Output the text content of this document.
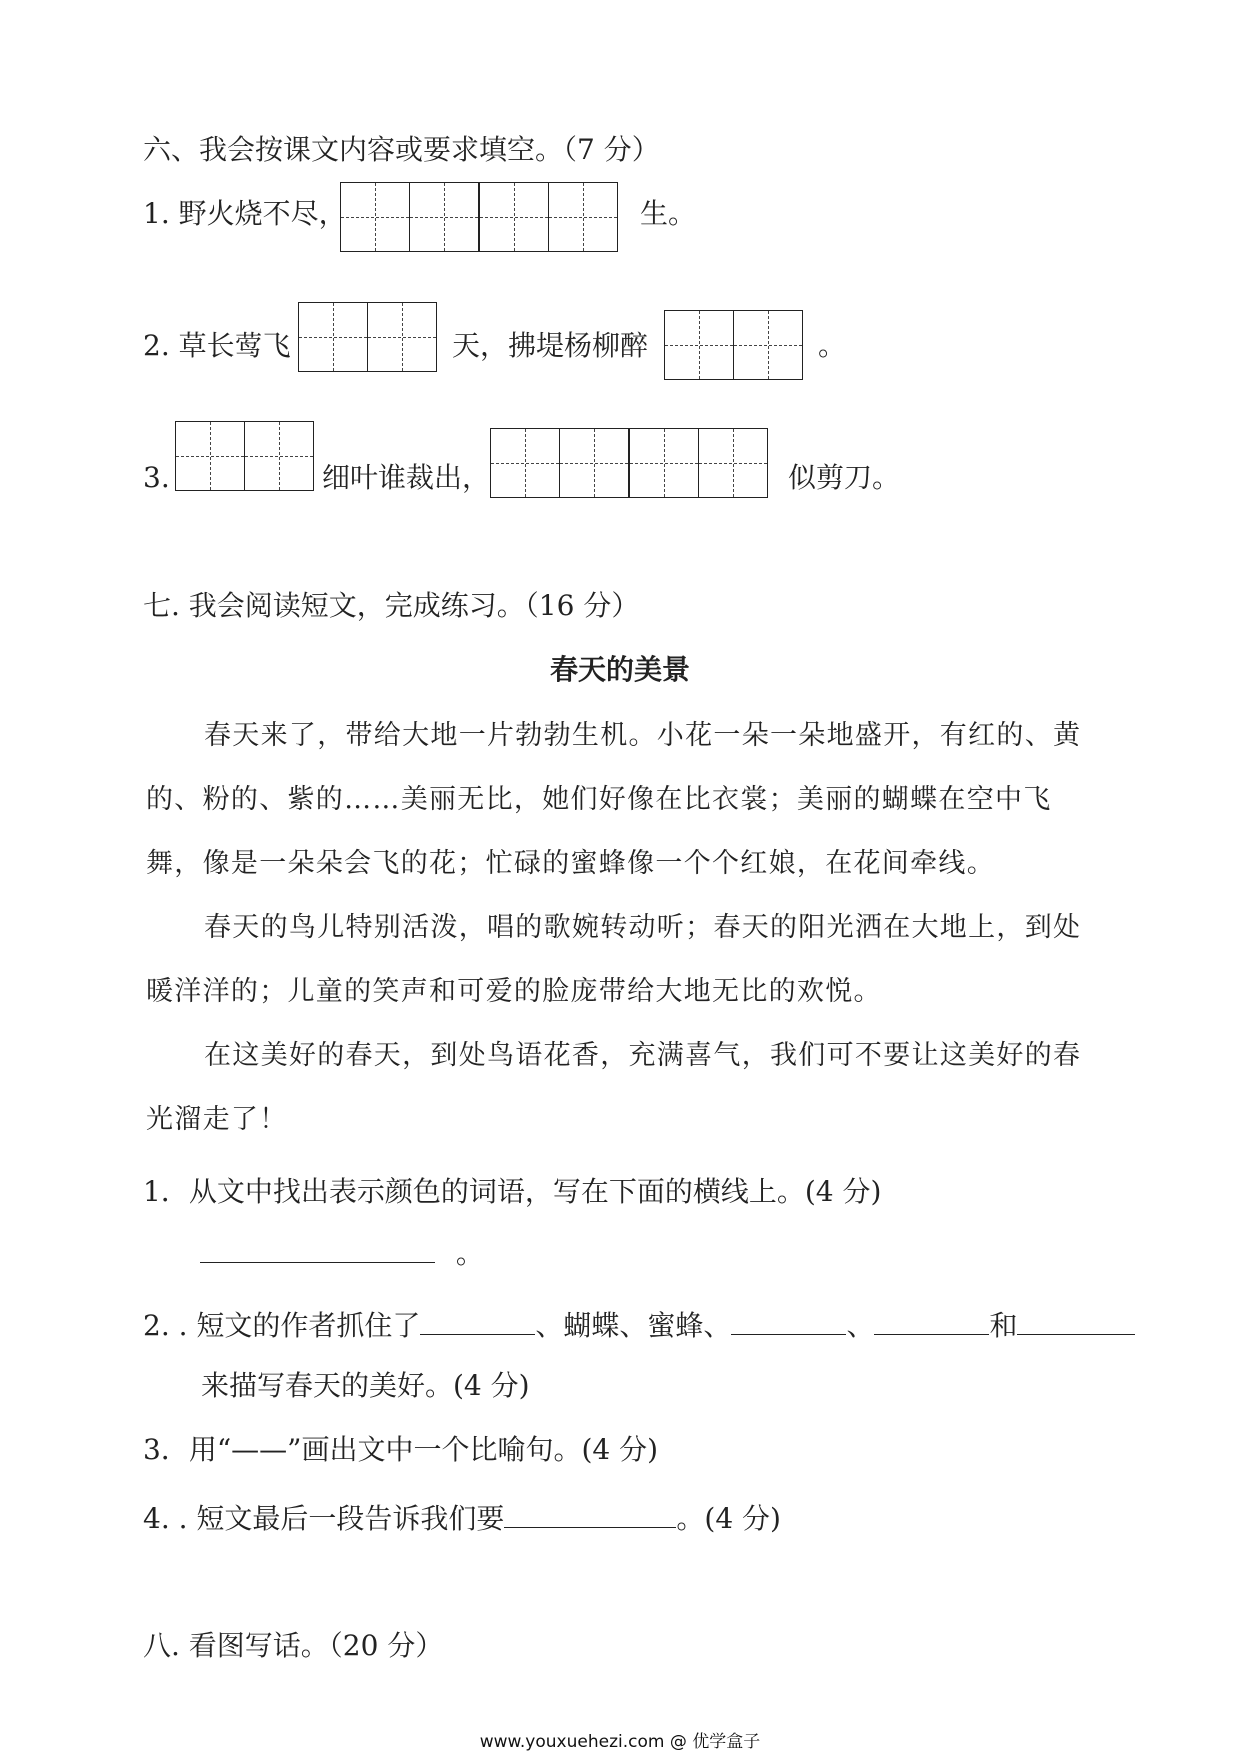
六、我会按课文内容或要求填空。（7 分）
1. 野火烧不尽，	生。
2. 草长莺飞	天，拂堤杨柳醉	。
3.	细叶谁裁出，	似剪刀。
七. 我会阅读短文，完成练习。（16 分）
春天的美景
春天来了，带给大地一片勃勃生机。小花一朵一朵地盛开，有红的、黄的、粉的、紫的……美丽无比，她们好像在比衣裳；美丽的蝴蝶在空中飞舞，像是一朵朵会飞的花；忙碌的蜜蜂像一个个红娘，在花间牵线。
春天的鸟儿特别活泼，唱的歌婉转动听；春天的阳光洒在大地上，到处暖洋洋的；儿童的笑声和可爱的脸庞带给大地无比的欢悦。
在这美好的春天，到处鸟语花香，充满喜气，我们可不要让这美好的春光溜走了！
1．从文中找出表示颜色的词语，写在下面的横线上。(4 分)
。
2. . 短文的作者抓住了	、蝴蝶、蜜蜂、	、	和
来描写春天的美好。(4 分)
3．用“——”画出文中一个比喻句。(4 分)
4. . 短文最后一段告诉我们要	。(4 分)
八. 看图写话。（20 分）
www.youxuehezi.com @ 优学盒子
